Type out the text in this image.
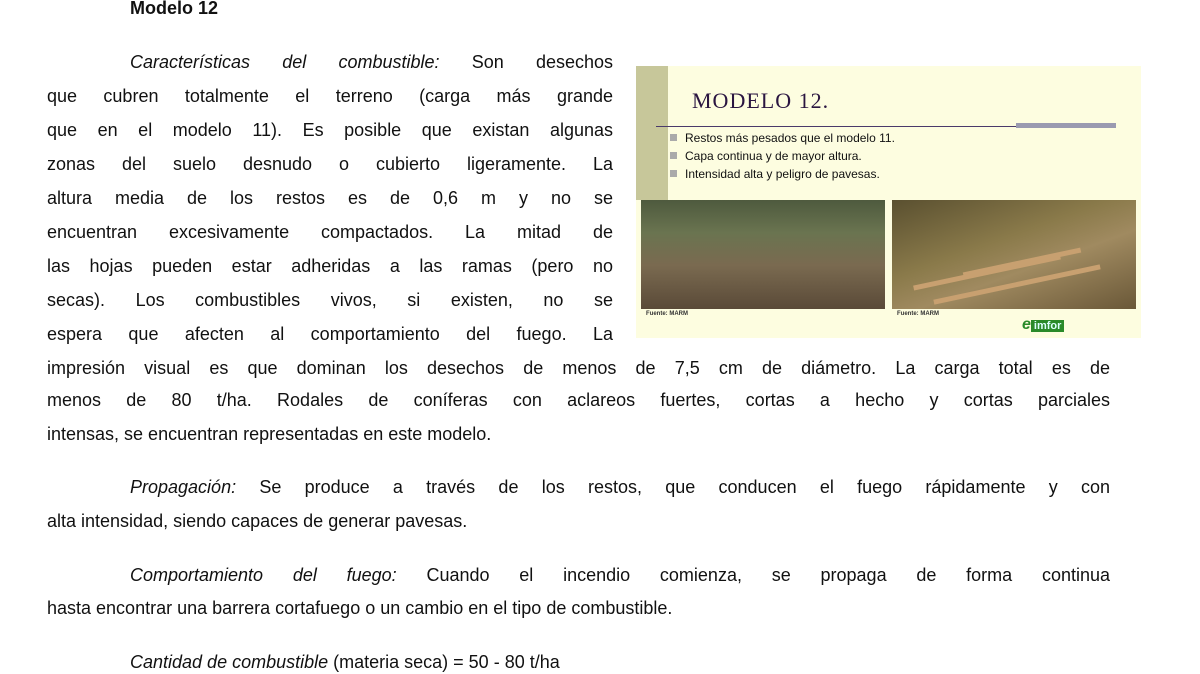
Modelo 12
Características del combustible: Son desechos
que cubren totalmente el terreno (carga más grande
que en el modelo 11). Es posible que existan algunas
zonas del suelo desnudo o cubierto ligeramente. La
altura media de los restos es de 0,6 m y no se
encuentran excesivamente compactados. La mitad de
las hojas pueden estar adheridas a las ramas (pero no
secas). Los combustibles vivos, si existen, no se
espera que afecten al comportamiento del fuego. La
impresión visual es que dominan los desechos de menos de 7,5 cm de diámetro. La carga total es de
menos de 80 t/ha. Rodales de coníferas con aclareos fuertes, cortas a hecho y cortas parciales
intensas, se encuentran representadas en este modelo.
Propagación: Se produce a través de los restos, que conducen el fuego rápidamente y con
alta intensidad, siendo capaces de generar pavesas.
Comportamiento del fuego: Cuando el incendio comienza, se propaga de forma continua
hasta encontrar una barrera cortafuego o un cambio en el tipo de combustible.
Cantidad de combustible (materia seca) = 50 - 80 t/ha
MODELO 12.
Restos más pesados que el modelo 11.
Capa continua y de mayor altura.
Intensidad alta y peligro de pavesas.
Fuente: MARM	Fuente: MARM
e imfor
